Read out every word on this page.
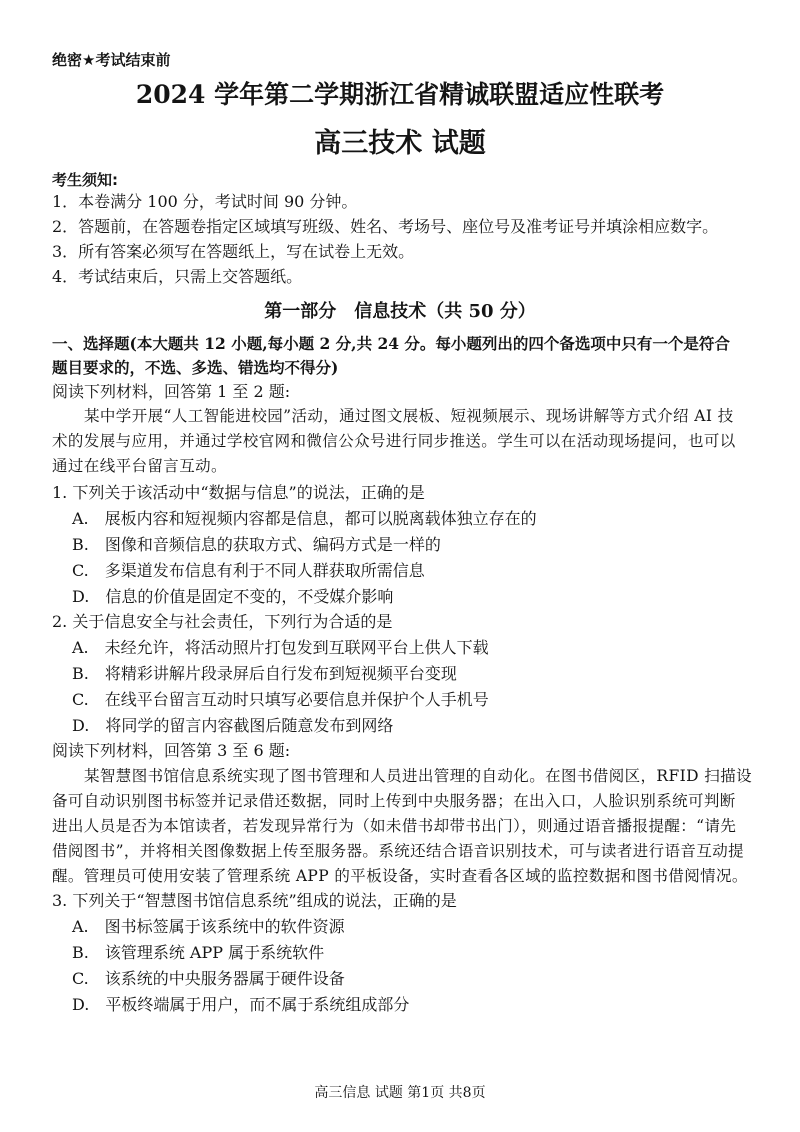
绝密★考试结束前
2024 学年第二学期浙江省精诚联盟适应性联考
高三技术 试题
考生须知:
1．本卷满分 100 分，考试时间 90 分钟。
2．答题前，在答题卷指定区域填写班级、姓名、考场号、座位号及准考证号并填涂相应数字。
3．所有答案必须写在答题纸上，写在试卷上无效。
4．考试结束后，只需上交答题纸。
第一部分　信息技术（共 50 分）
一、选择题(本大题共 12 小题,每小题 2 分,共 24 分。每小题列出的四个备选项中只有一个是符合
题目要求的，不选、多选、错选均不得分)
阅读下列材料，回答第 1 至 2 题:
某中学开展“人工智能进校园”活动，通过图文展板、短视频展示、现场讲解等方式介绍 AI 技
术的发展与应用，并通过学校官网和微信公众号进行同步推送。学生可以在活动现场提问，也可以
通过在线平台留言互动。
1. 下列关于该活动中“数据与信息”的说法，正确的是
A.　展板内容和短视频内容都是信息，都可以脱离载体独立存在的
B.　图像和音频信息的获取方式、编码方式是一样的
C.　多渠道发布信息有利于不同人群获取所需信息
D.　信息的价值是固定不变的，不受媒介影响
2. 关于信息安全与社会责任，下列行为合适的是
A.　未经允许，将活动照片打包发到互联网平台上供人下载
B.　将精彩讲解片段录屏后自行发布到短视频平台变现
C.　在线平台留言互动时只填写必要信息并保护个人手机号
D.　将同学的留言内容截图后随意发布到网络
阅读下列材料，回答第 3 至 6 题:
某智慧图书馆信息系统实现了图书管理和人员进出管理的自动化。在图书借阅区，RFID 扫描设
备可自动识别图书标签并记录借还数据，同时上传到中央服务器；在出入口，人脸识别系统可判断
进出人员是否为本馆读者，若发现异常行为（如未借书却带书出门），则通过语音播报提醒：“请先
借阅图书”，并将相关图像数据上传至服务器。系统还结合语音识别技术，可与读者进行语音互动提
醒。管理员可使用安装了管理系统 APP 的平板设备，实时查看各区域的监控数据和图书借阅情况。
3. 下列关于“智慧图书馆信息系统”组成的说法，正确的是
A.　图书标签属于该系统中的软件资源
B.　该管理系统 APP 属于系统软件
C.　该系统的中央服务器属于硬件设备
D.　平板终端属于用户，而不属于系统组成部分
高三信息 试题 第1页 共8页
